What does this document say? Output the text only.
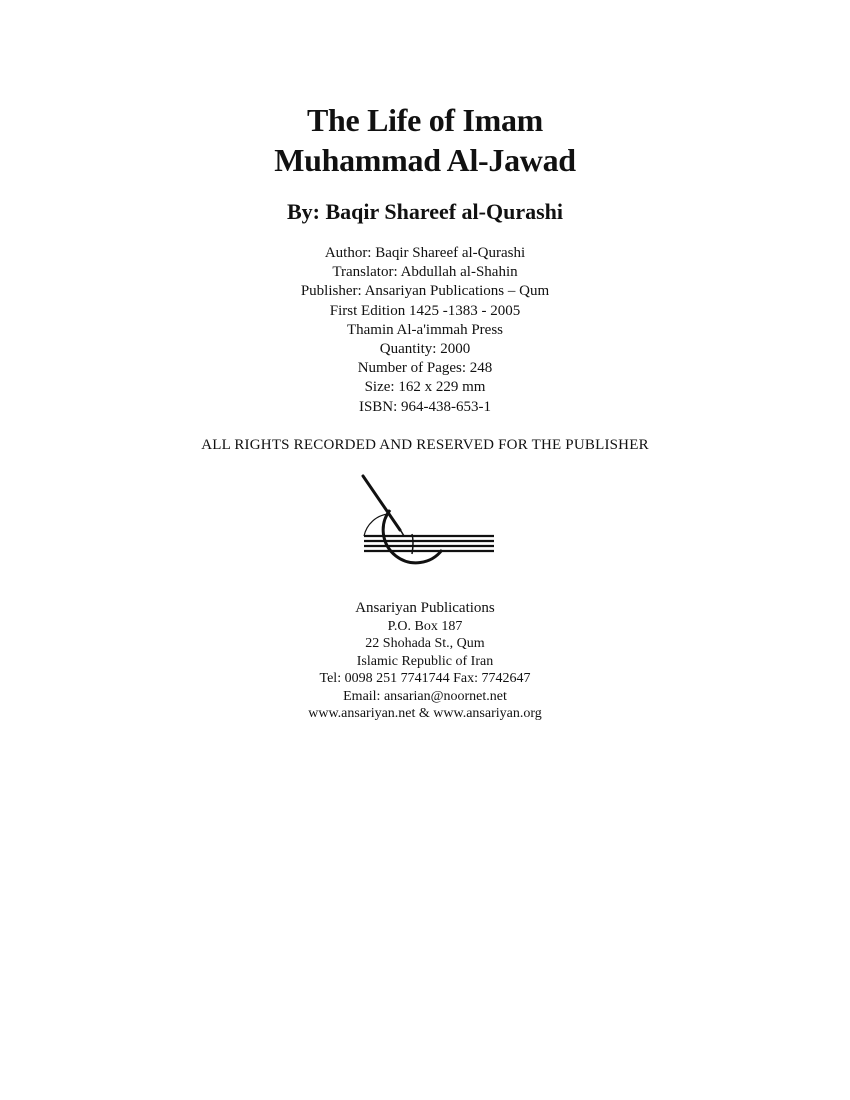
The Life of Imam
Muhammad Al-Jawad
By: Baqir Shareef al-Qurashi
Author: Baqir Shareef al-Qurashi
Translator: Abdullah al-Shahin
Publisher: Ansariyan Publications – Qum
First Edition 1425 -1383 - 2005
Thamin Al-a'immah Press
Quantity: 2000
Number of Pages: 248
Size: 162 x 229 mm
ISBN: 964-438-653-1
ALL RIGHTS RECORDED AND RESERVED FOR THE PUBLISHER
Ansariyan Publications
P.O. Box 187
22 Shohada St., Qum
Islamic Republic of Iran
Tel: 0098 251 7741744 Fax: 7742647
Email: ansarian@noornet.net
www.ansariyan.net & www.ansariyan.org
